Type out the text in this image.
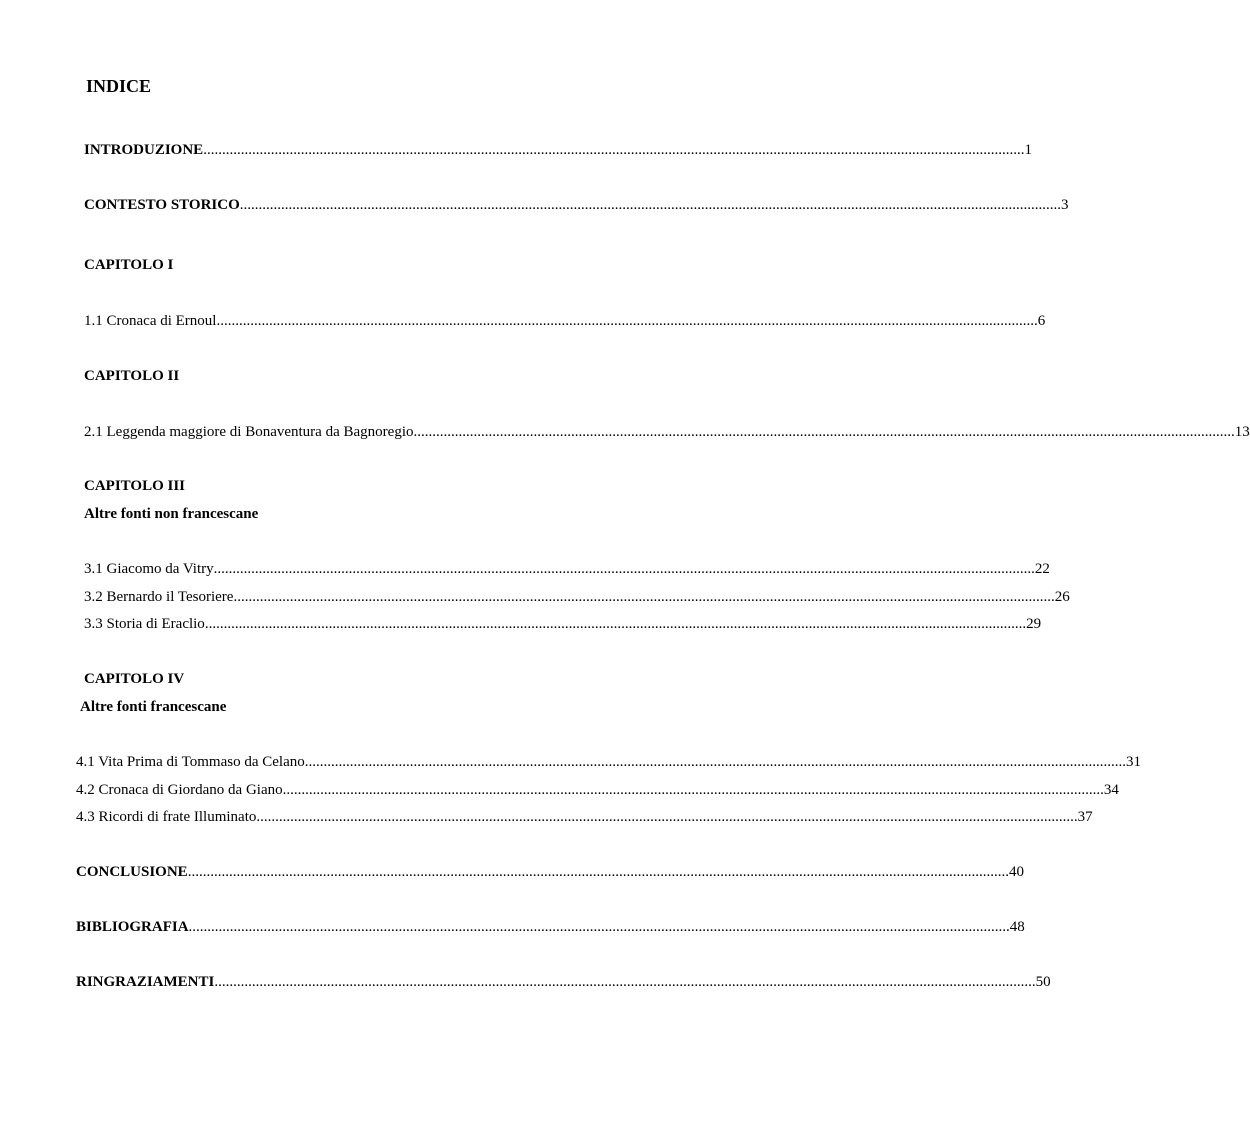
INDICE
INTRODUZIONE ........................................................................................................................................................................................................................... 1
CONTESTO STORICO ........................................................................................................................................................................................................................... 3
CAPITOLO I
1.1 Cronaca di Ernoul ........................................................................................................................................................................................................................... 6
CAPITOLO II
2.1 Leggenda maggiore di Bonaventura da Bagnoregio ........................................................................................................................................................................................................................... 13
CAPITOLO III
Altre fonti non francescane
3.1 Giacomo da Vitry ........................................................................................................................................................................................................................... 22
3.2 Bernardo il Tesoriere ........................................................................................................................................................................................................................... 26
3.3 Storia di Eraclio ........................................................................................................................................................................................................................... 29
CAPITOLO IV
Altre fonti francescane
4.1 Vita Prima di Tommaso da Celano ........................................................................................................................................................................................................................... 31
4.2 Cronaca di Giordano da Giano ........................................................................................................................................................................................................................... 34
4.3 Ricordi di frate Illuminato ........................................................................................................................................................................................................................... 37
CONCLUSIONE ........................................................................................................................................................................................................................... 40
BIBLIOGRAFIA ........................................................................................................................................................................................................................... 48
RINGRAZIAMENTI ........................................................................................................................................................................................................................... 50
